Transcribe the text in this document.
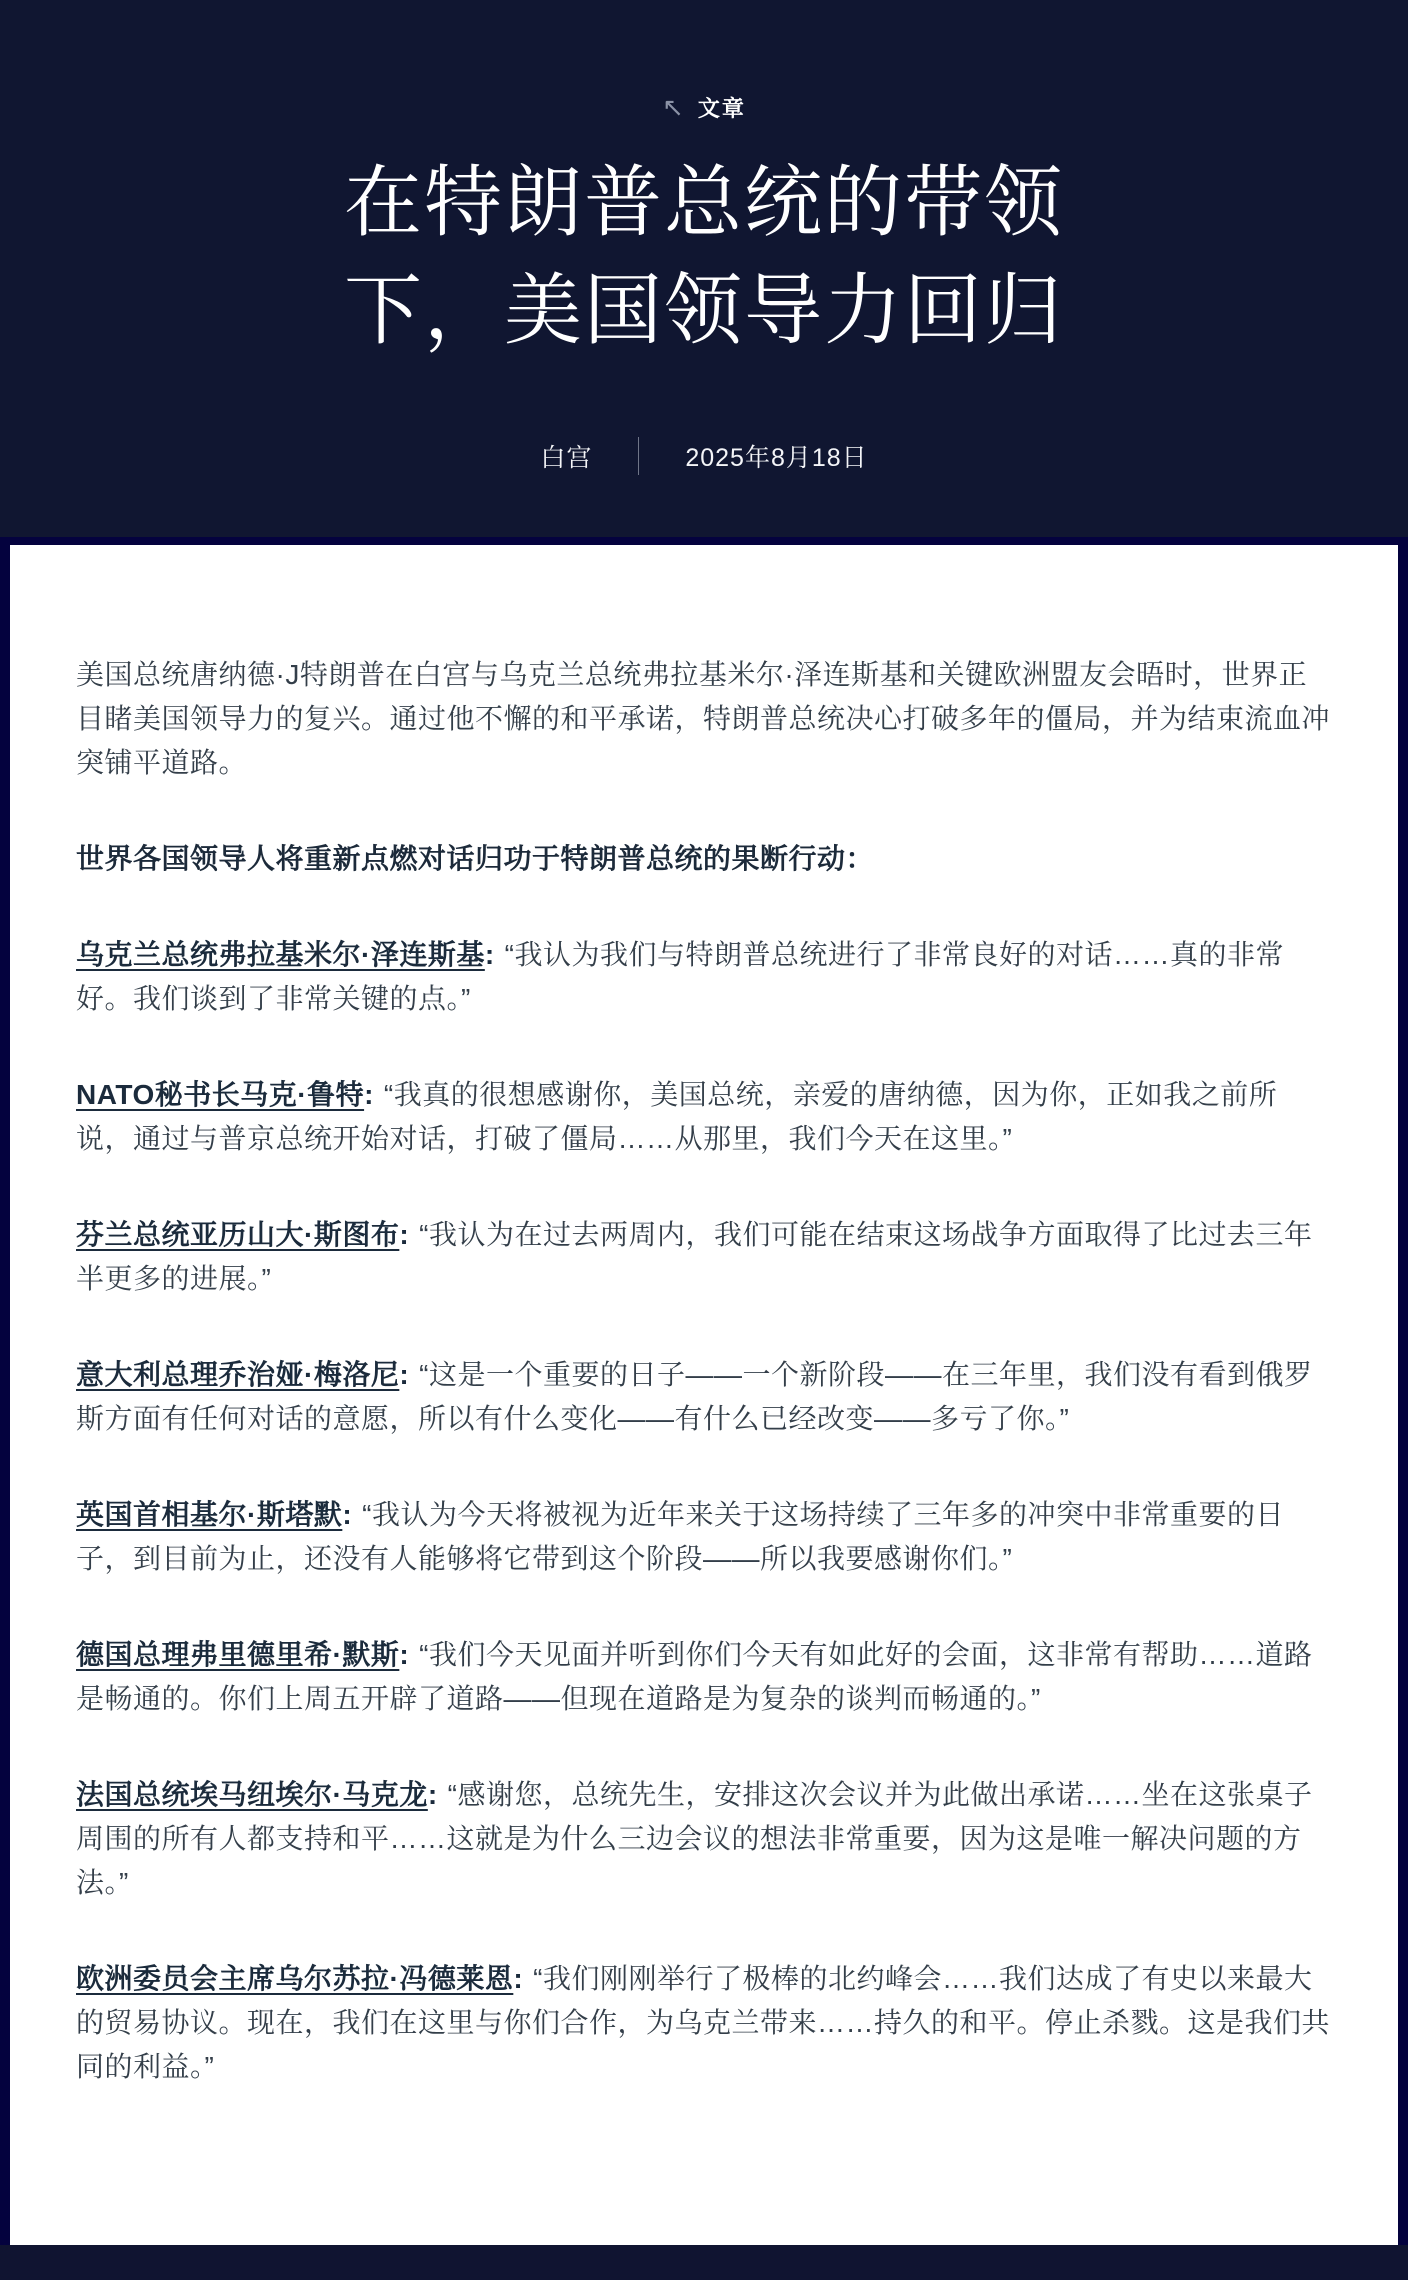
↖ 文章
在特朗普总统的带领
下，美国领导力回归
白宫	2025年8月18日

美国总统唐纳德·J特朗普在白宫与乌克兰总统弗拉基米尔·泽连斯基和关键欧洲盟友会晤时，世界正目睹美国领导力的复兴。通过他不懈的和平承诺，特朗普总统决心打破多年的僵局，并为结束流血冲突铺平道路。

世界各国领导人将重新点燃对话归功于特朗普总统的果断行动：

乌克兰总统弗拉基米尔·泽连斯基: “我认为我们与特朗普总统进行了非常良好的对话……真的非常好。我们谈到了非常关键的点。”

NATO秘书长马克·鲁特: “我真的很想感谢你，美国总统，亲爱的唐纳德，因为你，正如我之前所说，通过与普京总统开始对话，打破了僵局……从那里，我们今天在这里。”

芬兰总统亚历山大·斯图布: “我认为在过去两周内，我们可能在结束这场战争方面取得了比过去三年半更多的进展。”

意大利总理乔治娅·梅洛尼: “这是一个重要的日子——一个新阶段——在三年里，我们没有看到俄罗斯方面有任何对话的意愿，所以有什么变化——有什么已经改变——多亏了你。”

英国首相基尔·斯塔默: “我认为今天将被视为近年来关于这场持续了三年多的冲突中非常重要的日子，到目前为止，还没有人能够将它带到这个阶段——所以我要感谢你们。”

德国总理弗里德里希·默斯: “我们今天见面并听到你们今天有如此好的会面，这非常有帮助……道路是畅通的。你们上周五开辟了道路——但现在道路是为复杂的谈判而畅通的。”

法国总统埃马纽埃尔·马克龙: “感谢您，总统先生，安排这次会议并为此做出承诺……坐在这张桌子周围的所有人都支持和平……这就是为什么三边会议的想法非常重要，因为这是唯一解决问题的方法。”

欧洲委员会主席乌尔苏拉·冯德莱恩: “我们刚刚举行了极棒的北约峰会……我们达成了有史以来最大的贸易协议。现在，我们在这里与你们合作，为乌克兰带来……持久的和平。停止杀戮。这是我们共同的利益。”
